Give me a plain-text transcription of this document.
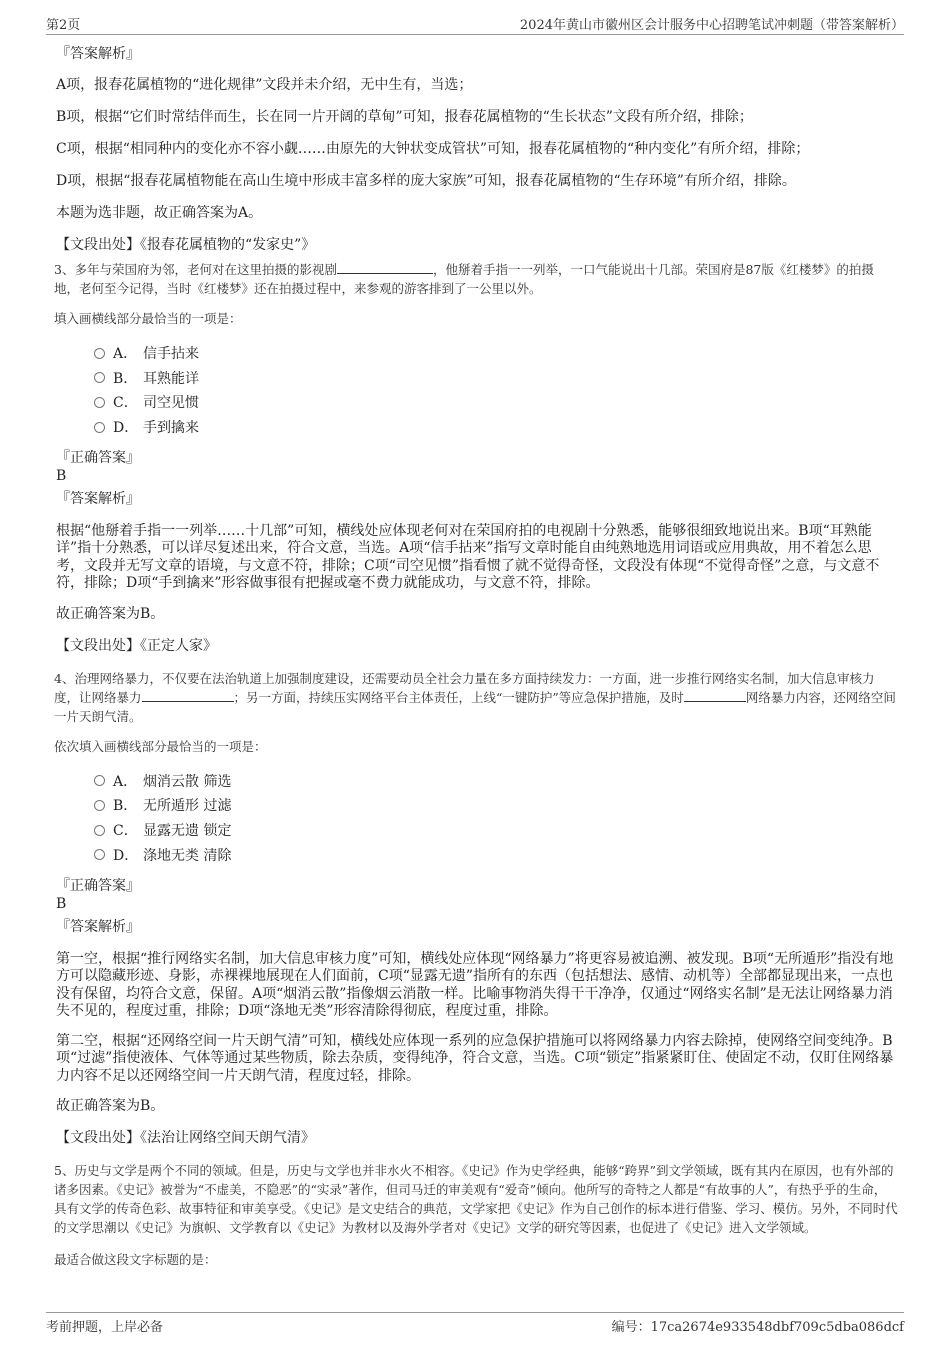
第2页	2024年黄山市徽州区会计服务中心招聘笔试冲刺题（带答案解析）
『答案解析』

A项，报春花属植物的“进化规律”文段并未介绍，无中生有，当选；

B项，根据“它们时常结伴而生，长在同一片开阔的草甸”可知，报春花属植物的“生长状态”文段有所介绍，排除；

C项，根据“相同种内的变化亦不容小觑……由原先的大钟状变成管状”可知，报春花属植物的“种内变化”有所介绍，排除；

D项，根据“报春花属植物能在高山生境中形成丰富多样的庞大家族”可知，报春花属植物的“生存环境”有所介绍，排除。

本题为选非题，故正确答案为A。

【文段出处】《报春花属植物的“发家史”》

3、多年与荣国府为邻，老何对在这里拍摄的影视剧	，他掰着手指一一列举，一口气能说出十几部。荣国府是87版《红楼梦》的拍摄地，老何至今记得，当时《红楼梦》还在拍摄过程中，来参观的游客排到了一公里以外。

填入画横线部分最恰当的一项是：

A． 信手拈来
B． 耳熟能详
C． 司空见惯
D． 手到擒来
『正确答案』
B
『答案解析』

根据“他掰着手指一一列举……十几部”可知，横线处应体现老何对在荣国府拍的电视剧十分熟悉，能够很细致地说出来。B项“耳熟能详”指十分熟悉，可以详尽复述出来，符合文意，当选。A项“信手拈来”指写文章时能自由纯熟地选用词语或应用典故，用不着怎么思考，文段并无写文章的语境，与文意不符，排除；C项“司空见惯”指看惯了就不觉得奇怪，文段没有体现“不觉得奇怪”之意，与文意不符，排除；D项“手到擒来”形容做事很有把握或毫不费力就能成功，与文意不符，排除。

故正确答案为B。

【文段出处】《正定人家》

4、治理网络暴力，不仅要在法治轨道上加强制度建设，还需要动员全社会力量在多方面持续发力：一方面，进一步推行网络实名制，加大信息审核力度，让网络暴力	；另一方面，持续压实网络平台主体责任，上线“一键防护”等应急保护措施，及时	网络暴力内容，还网络空间一片天朗气清。

依次填入画横线部分最恰当的一项是：

A． 烟消云散 筛选
B． 无所遁形 过滤
C． 显露无遗 锁定
D． 涤地无类 清除
『正确答案』
B
『答案解析』

第一空，根据“推行网络实名制，加大信息审核力度”可知，横线处应体现“网络暴力”将更容易被追溯、被发现。B项“无所遁形”指没有地方可以隐藏形迹、身影，赤裸裸地展现在人们面前，C项“显露无遗”指所有的东西（包括想法、感情、动机等）全部都显现出来，一点也没有保留，均符合文意，保留。A项“烟消云散”指像烟云消散一样。比喻事物消失得干干净净，仅通过“网络实名制”是无法让网络暴力消失不见的，程度过重，排除；D项“涤地无类”形容清除得彻底，程度过重，排除。

第二空，根据“还网络空间一片天朗气清”可知，横线处应体现一系列的应急保护措施可以将网络暴力内容去除掉，使网络空间变纯净。B项“过滤”指使液体、气体等通过某些物质，除去杂质，变得纯净，符合文意，当选。C项“锁定”指紧紧盯住、使固定不动，仅盯住网络暴力内容不足以还网络空间一片天朗气清，程度过轻，排除。

故正确答案为B。

【文段出处】《法治让网络空间天朗气清》

5、历史与文学是两个不同的领域。但是，历史与文学也并非水火不相容。《史记》作为史学经典，能够“跨界”到文学领域，既有其内在原因，也有外部的诸多因素。《史记》被誉为“不虚美，不隐恶”的“实录”著作，但司马迁的审美观有“爱奇”倾向。他所写的奇特之人都是“有故事的人”，有热乎乎的生命，具有文学的传奇色彩、故事特征和审美享受。《史记》是文史结合的典范，文学家把《史记》作为自己创作的标本进行借鉴、学习、模仿。另外，不同时代的文学思潮以《史记》为旗帜、文学教育以《史记》为教材以及海外学者对《史记》文学的研究等因素，也促进了《史记》进入文学领域。

最适合做这段文字标题的是：

考前押题，上岸必备	编号：17ca2674e933548dbf709c5dba086dcf
